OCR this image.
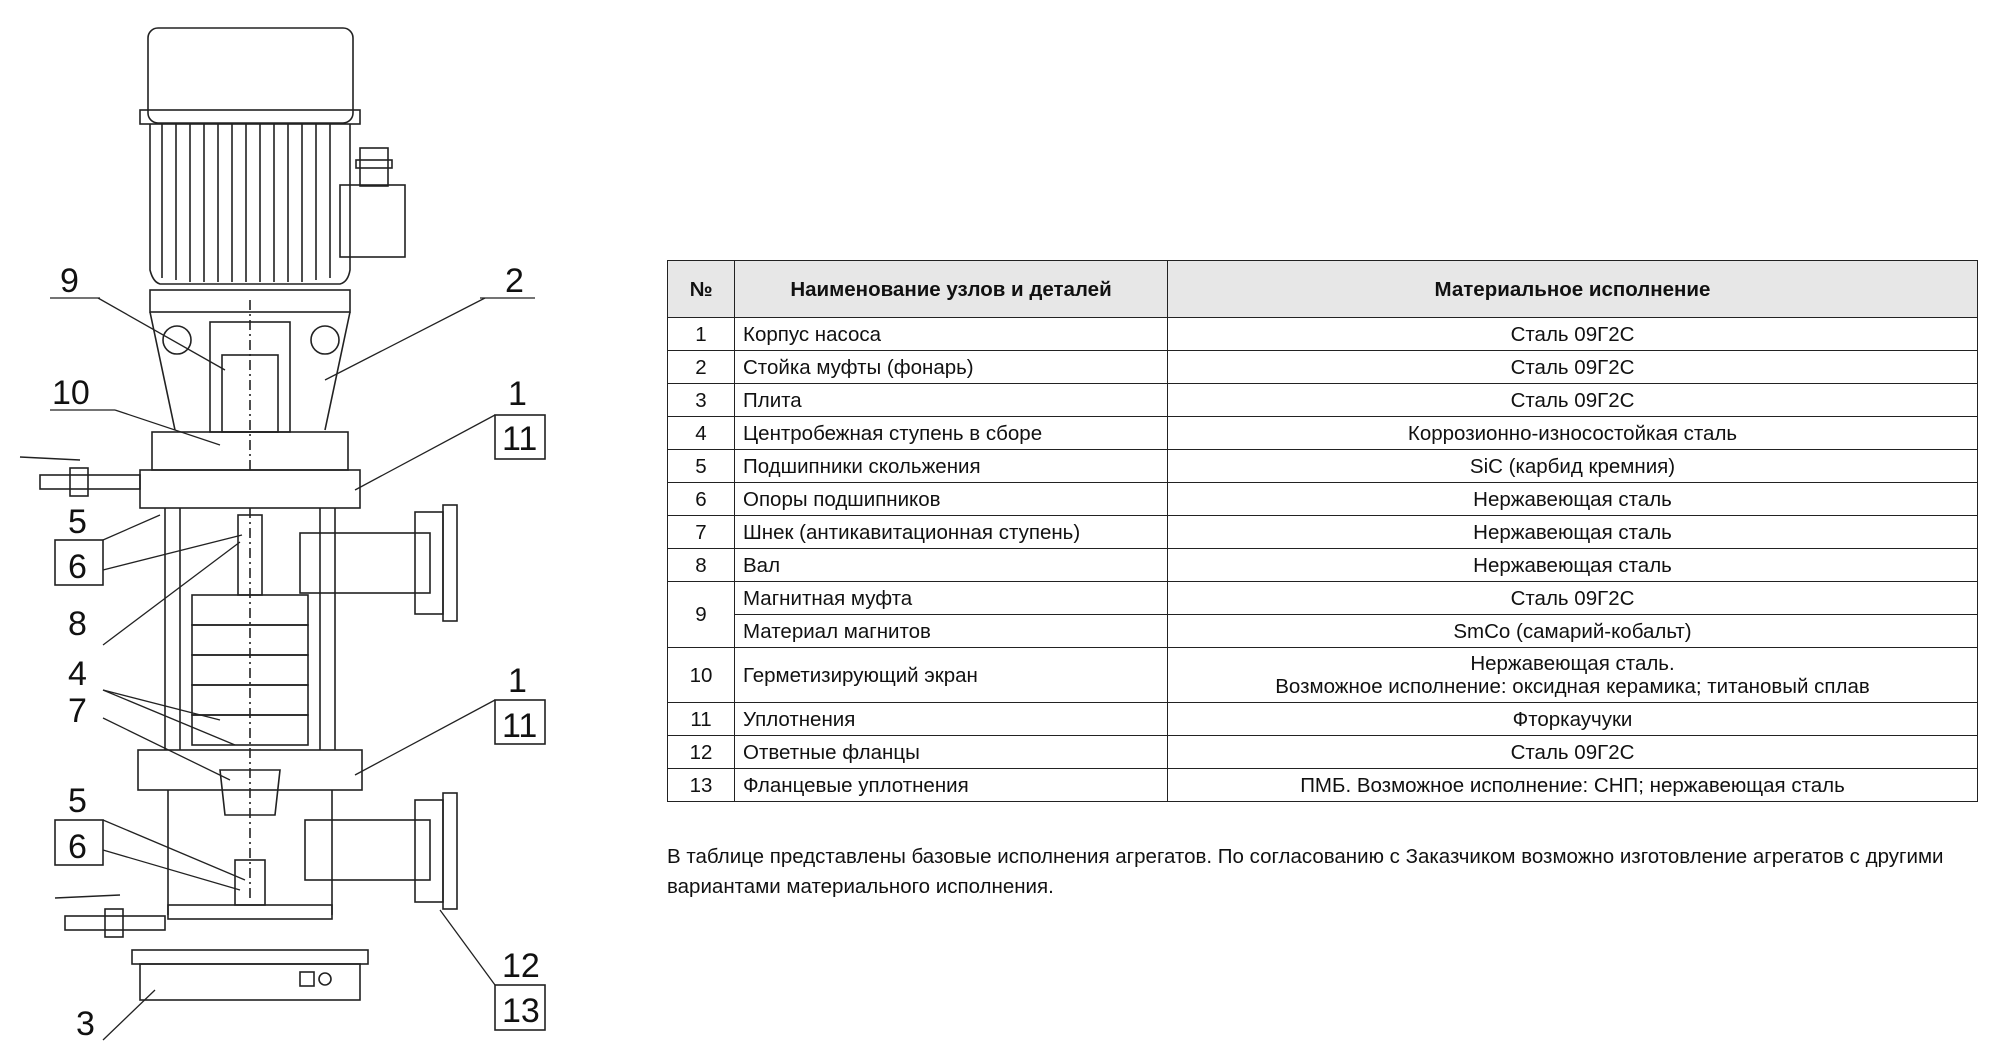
9
10
5
6
8
4
7
5
6
3
2
1
11
1
11
12
13
№	Наименование узлов и деталей	Материальное исполнение
1	Корпус насоса	Сталь 09Г2С
2	Стойка муфты (фонарь)	Сталь 09Г2С
3	Плита	Сталь 09Г2С
4	Центробежная ступень в сборе	Коррозионно-износостойкая сталь
5	Подшипники скольжения	SiC (карбид кремния)
6	Опоры подшипников	Нержавеющая сталь
7	Шнек (антикавитационная ступень)	Нержавеющая сталь
8	Вал	Нержавеющая сталь
9	Магнитная муфта	Сталь 09Г2С
	Материал магнитов	SmCo (самарий-кобальт)
10	Герметизирующий экран	Нержавеющая сталь.
Возможное исполнение: оксидная керамика; титановый сплав

11	Уплотнения	Фторкаучуки
12	Ответные фланцы	Сталь 09Г2С
13	Фланцевые уплотнения	ПМБ. Возможное исполнение: СНП; нержавеющая сталь
В таблице представлены базовые исполнения агрегатов. По согласованию с Заказчиком возможно изготовление агрегатов с другими
вариантами материального исполнения.
